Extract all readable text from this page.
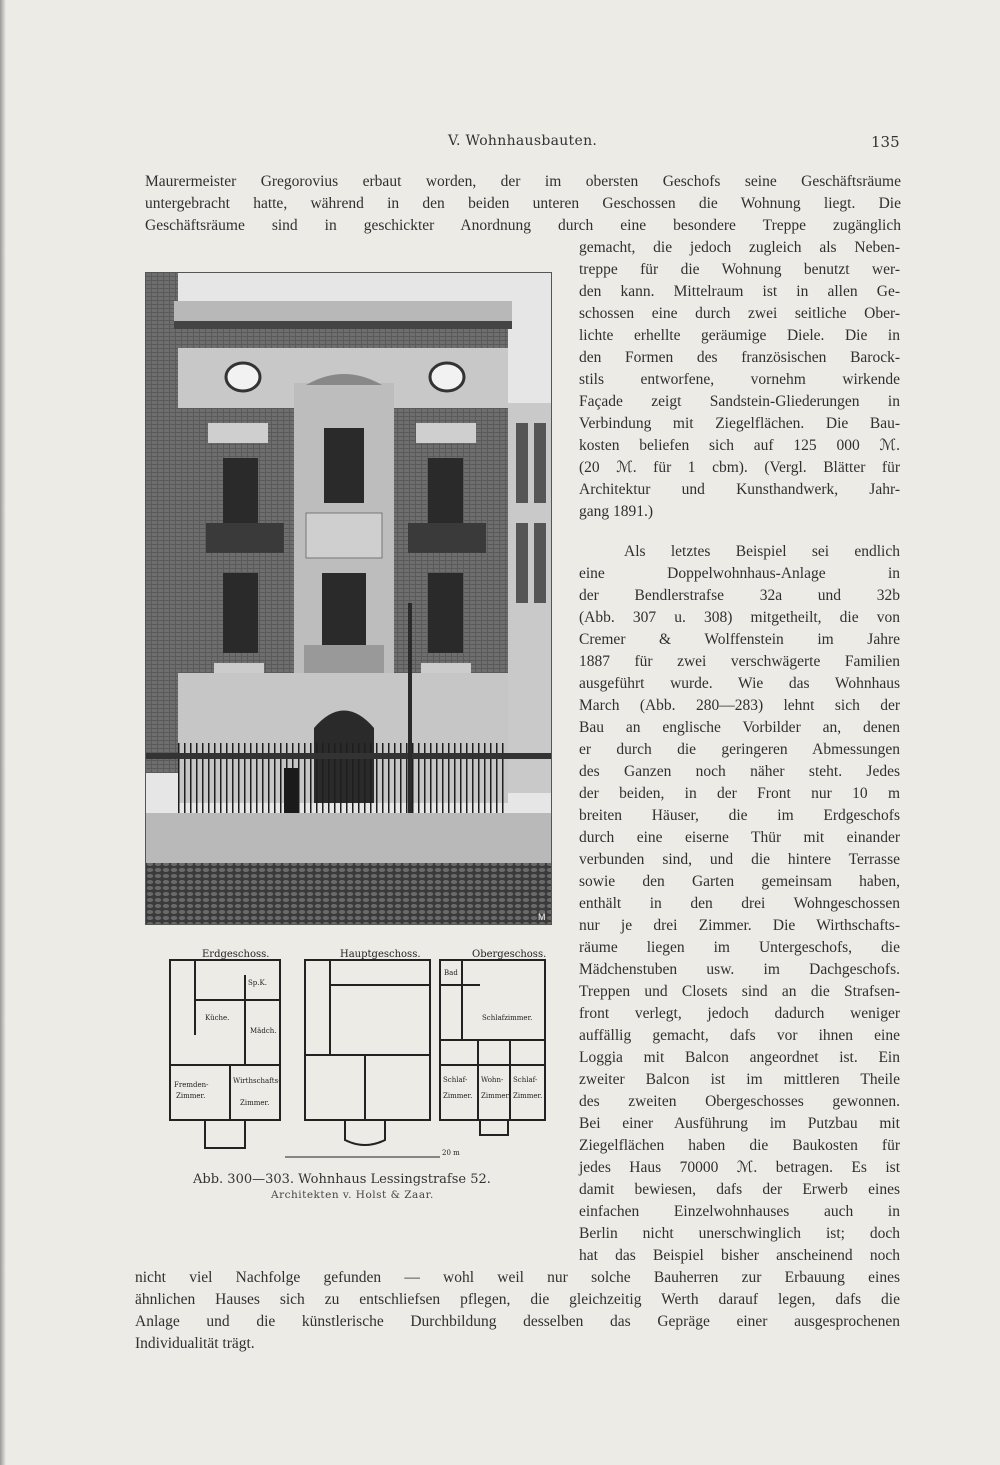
V. Wohnhausbauten.	135
Maurermeister Gregorovius erbaut worden, der im obersten Geschofs seine Geschäftsräume
untergebracht hatte, während in den beiden unteren Geschossen die Wohnung liegt. Die
Geschäftsräume sind in geschickter Anordnung durch eine besondere Treppe zugänglich
M
Erdgeschoss.	Hauptgeschoss.	Obergeschoss.
Sp.K.
Küche.
Mädch.
Fremden-
Zimmer.
Wirthschafts-
Zimmer.
Bad
Schlafzimmer.
Schlaf- Wohn- Schlaf-
Zimmer. Zimmer. Zimmer.
20 m
Abb. 300—303. Wohnhaus Lessingstrafse 52.
Architekten v. Holst & Zaar.
gemacht, die jedoch zugleich als Neben-
treppe für die Wohnung benutzt wer-
den kann. Mittelraum ist in allen Ge-
schossen eine durch zwei seitliche Ober-
lichte erhellte geräumige Diele. Die in
den Formen des französischen Barock-
stils entworfene, vornehm wirkende
Façade zeigt Sandstein-Gliederungen in
Verbindung mit Ziegelflächen. Die Bau-
kosten beliefen sich auf 125 000 ℳ.
(20 ℳ. für 1 cbm). (Vergl. Blätter für
Architektur und Kunsthandwerk, Jahr-
gang 1891.)
Als letztes Beispiel sei endlich
eine Doppelwohnhaus-Anlage in
der Bendlerstrafse 32a und 32b
(Abb. 307 u. 308) mitgetheilt, die von
Cremer & Wolffenstein im Jahre
1887 für zwei verschwägerte Familien
ausgeführt wurde. Wie das Wohnhaus
March (Abb. 280—283) lehnt sich der
Bau an englische Vorbilder an, denen
er durch die geringeren Abmessungen
des Ganzen noch näher steht. Jedes
der beiden, in der Front nur 10 m
breiten Häuser, die im Erdgeschofs
durch eine eiserne Thür mit einander
verbunden sind, und die hintere Terrasse
sowie den Garten gemeinsam haben,
enthält in den drei Wohngeschossen
nur je drei Zimmer. Die Wirthschafts-
räume liegen im Untergeschofs, die
Mädchenstuben usw. im Dachgeschofs.
Treppen und Closets sind an die Strafsen-
front verlegt, jedoch dadurch weniger
auffällig gemacht, dafs vor ihnen eine
Loggia mit Balcon angeordnet ist. Ein
zweiter Balcon ist im mittleren Theile
des zweiten Obergeschosses gewonnen.
Bei einer Ausführung im Putzbau mit
Ziegelflächen haben die Baukosten für
jedes Haus 70000 ℳ. betragen. Es ist
damit bewiesen, dafs der Erwerb eines
einfachen Einzelwohnhauses auch in
Berlin nicht unerschwinglich ist; doch
hat das Beispiel bisher anscheinend noch
nicht viel Nachfolge gefunden — wohl weil nur solche Bauherren zur Erbauung eines
ähnlichen Hauses sich zu entschliefsen pflegen, die gleichzeitig Werth darauf legen, dafs die
Anlage und die künstlerische Durchbildung desselben das Gepräge einer ausgesprochenen
Individualität trägt.
